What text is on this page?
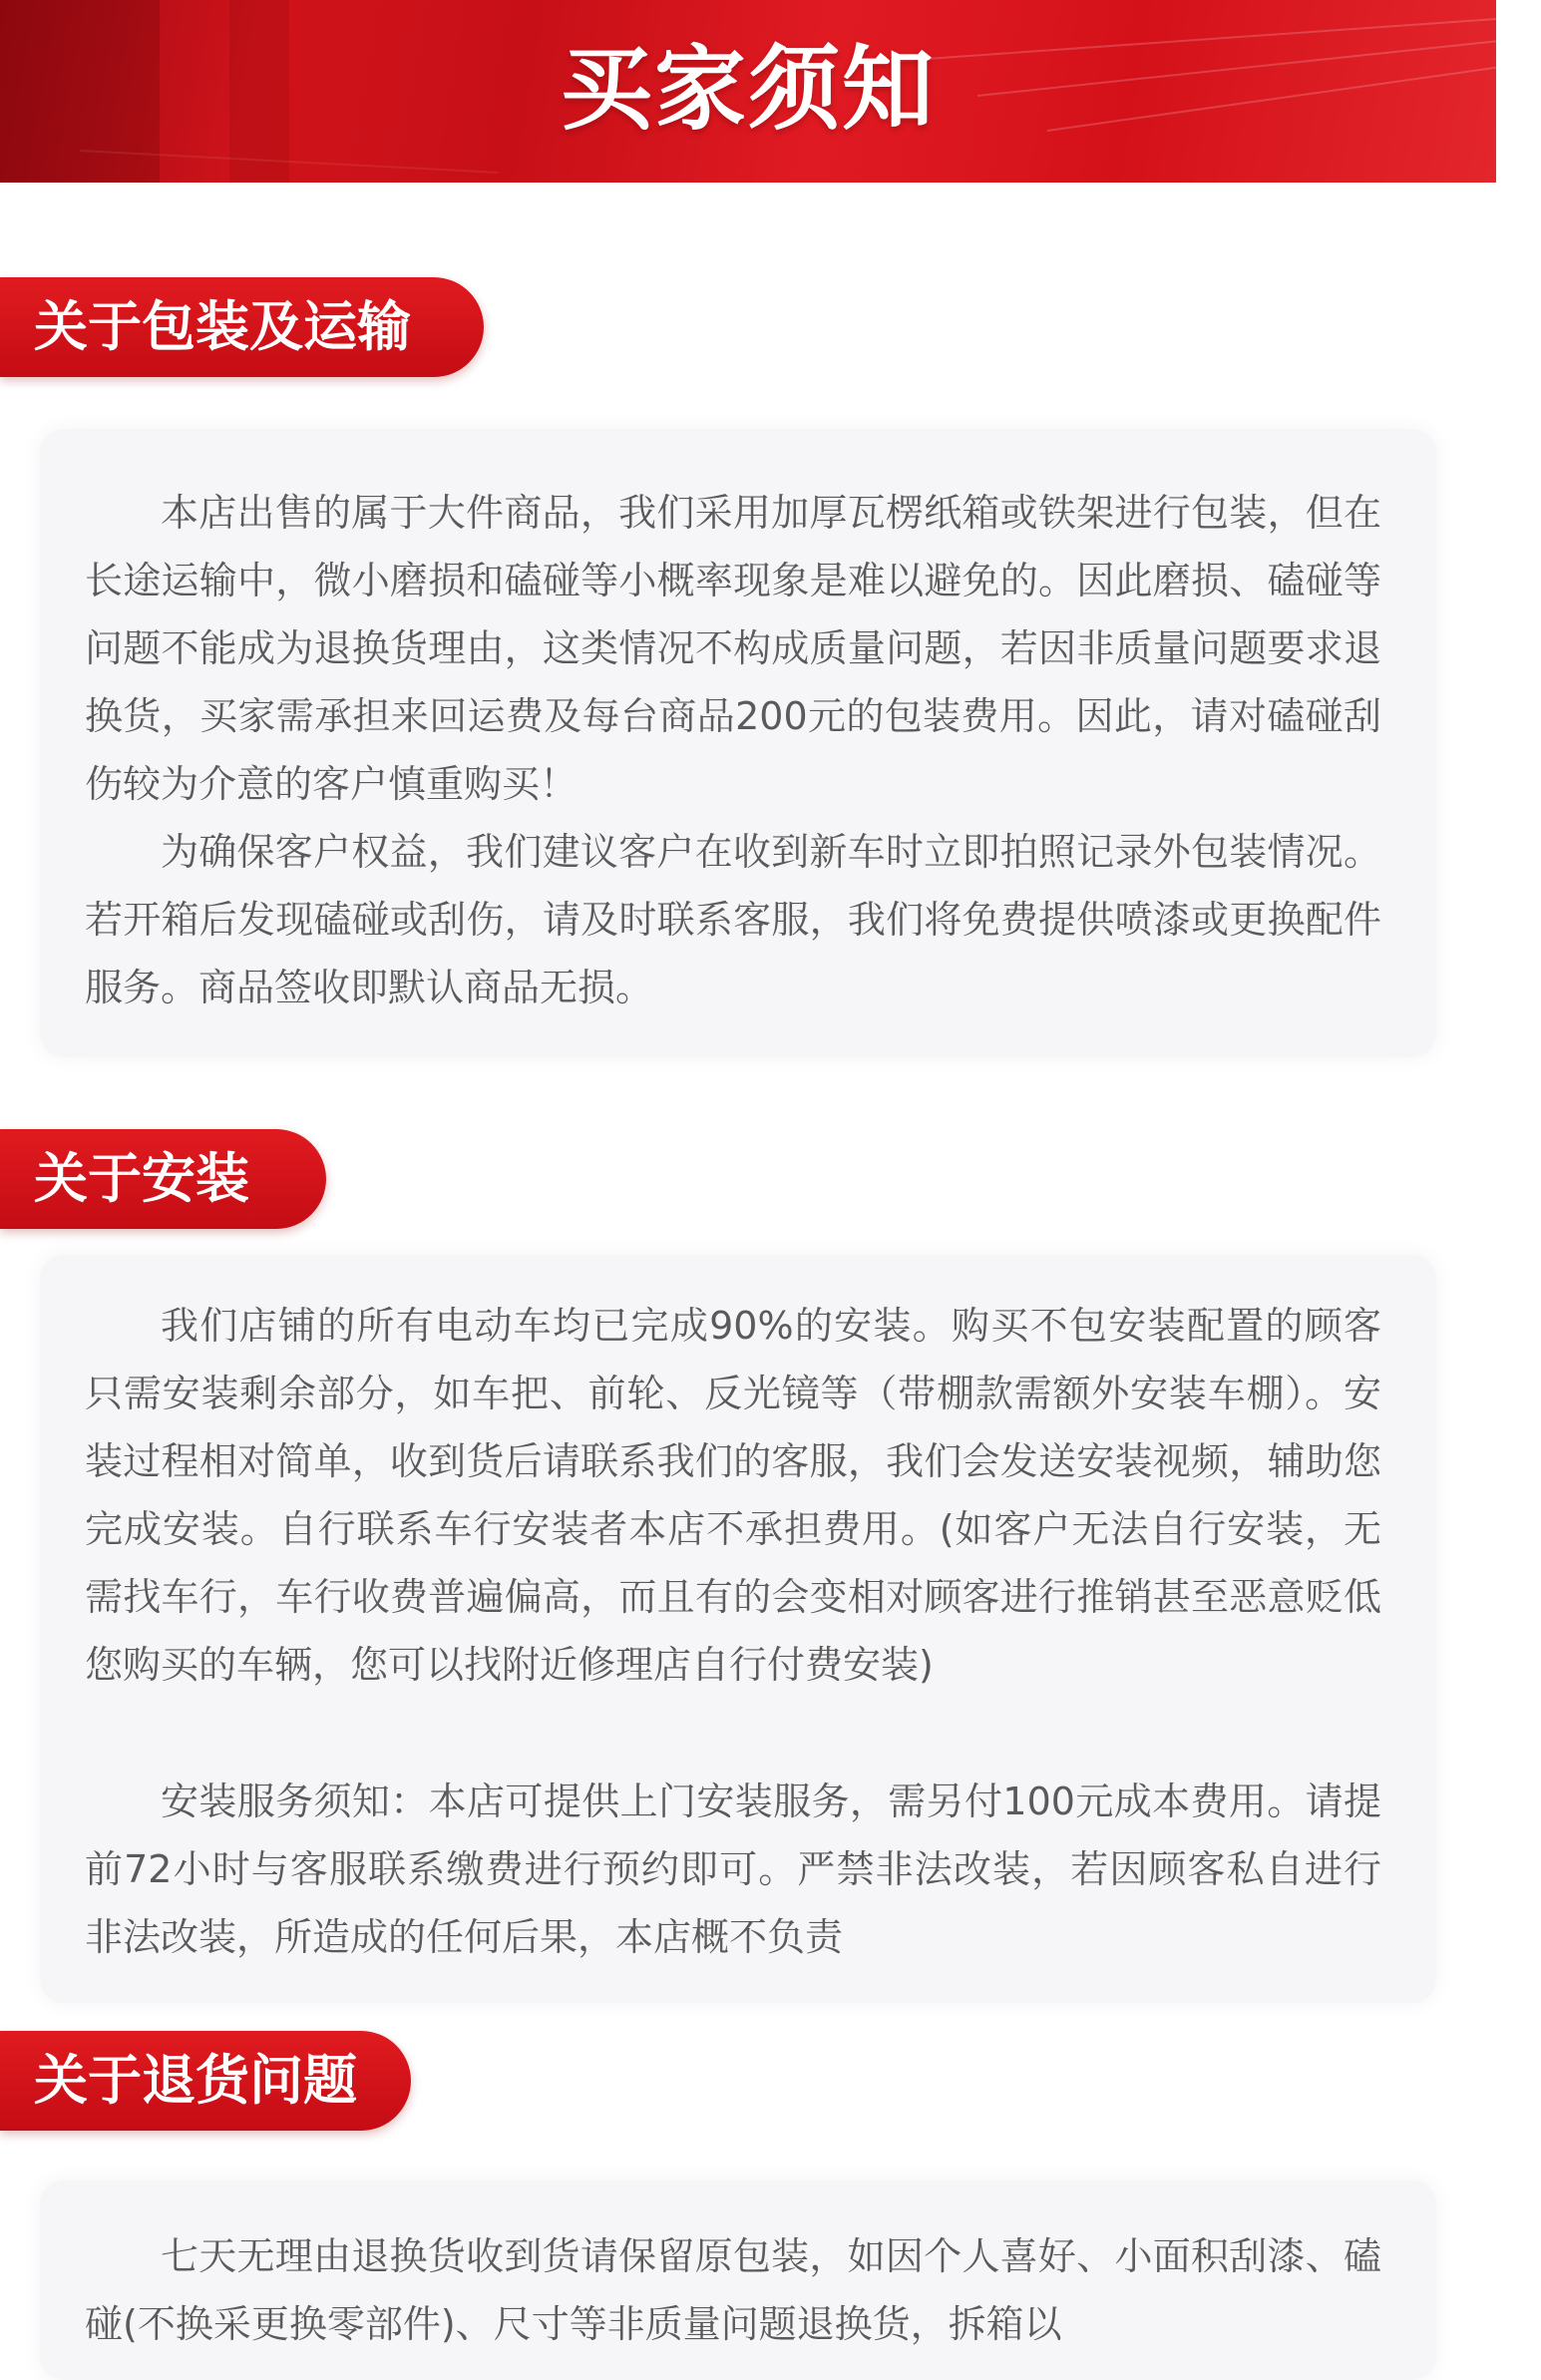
买家须知
关于包装及运输

本店出售的属于大件商品，我们采用加厚瓦楞纸箱或铁架进行包装，但在长途运输中，微小磨损和磕碰等小概率现象是难以避免的。因此磨损、磕碰等问题不能成为退换货理由，这类情况不构成质量问题，若因非质量问题要求退换货，买家需承担来回运费及每台商品200元的包装费用。因此，请对磕碰刮伤较为介意的客户慎重购买！

为确保客户权益，我们建议客户在收到新车时立即拍照记录外包装情况。若开箱后发现磕碰或刮伤，请及时联系客服，我们将免费提供喷漆或更换配件服务。商品签收即默认商品无损。

关于安装

我们店铺的所有电动车均已完成90%的安装。购买不包安装配置的顾客只需安装剩余部分，如车把、前轮、反光镜等（带棚款需额外安装车棚）。安装过程相对简单，收到货后请联系我们的客服，我们会发送安装视频，辅助您完成安装。自行联系车行安装者本店不承担费用。(如客户无法自行安装，无需找车行，车行收费普遍偏高，而且有的会变相对顾客进行推销甚至恶意贬低您购买的车辆，您可以找附近修理店自行付费安装)

安装服务须知：本店可提供上门安装服务，需另付100元成本费用。请提前72小时与客服联系缴费进行预约即可。严禁非法改装，若因顾客私自进行非法改装，所造成的任何后果，本店概不负责

关于退货问题

七天无理由退换货收到货请保留原包装，如因个人喜好、小面积刮漆、磕碰(不换采更换零部件)、尺寸等非质量问题退换货，拆箱以
